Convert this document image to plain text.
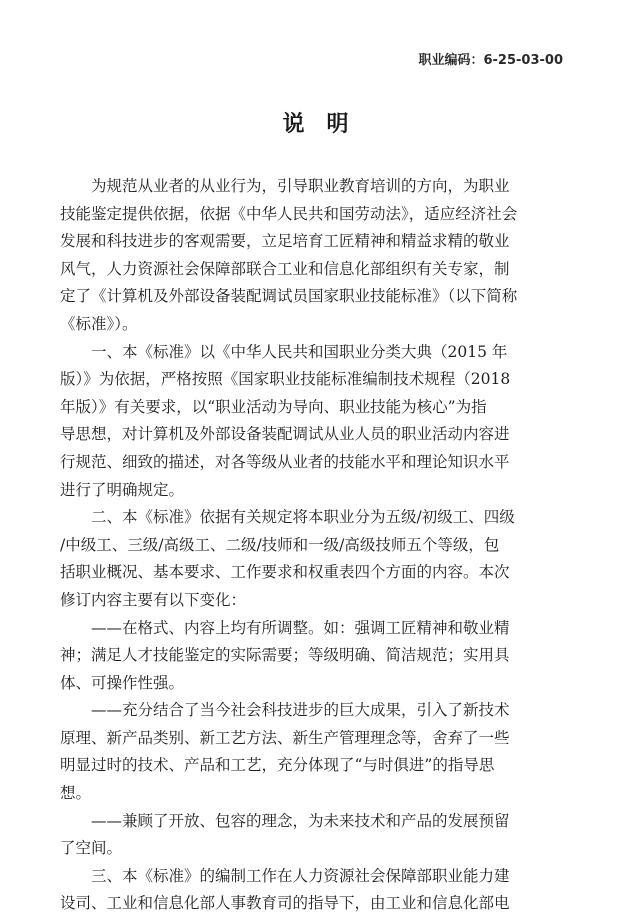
职业编码：6-25-03-00
说明
为规范从业者的从业行为，引导职业教育培训的方向，为职业
技能鉴定提供依据，依据《中华人民共和国劳动法》，适应经济社会
发展和科技进步的客观需要，立足培育工匠精神和精益求精的敬业
风气，人力资源社会保障部联合工业和信息化部组织有关专家，制
定了《计算机及外部设备装配调试员国家职业技能标准》（以下简称
《标准》）。
一、本《标准》以《中华人民共和国职业分类大典（2015 年
版）》为依据，严格按照《国家职业技能标准编制技术规程（2018
年版）》有关要求，以“职业活动为导向、职业技能为核心”为指
导思想，对计算机及外部设备装配调试从业人员的职业活动内容进
行规范、细致的描述，对各等级从业者的技能水平和理论知识水平
进行了明确规定。
二、本《标准》依据有关规定将本职业分为五级/初级工、四级
/中级工、三级/高级工、二级/技师和一级/高级技师五个等级，包
括职业概况、基本要求、工作要求和权重表四个方面的内容。本次
修订内容主要有以下变化：
——在格式、内容上均有所调整。如：强调工匠精神和敬业精
神；满足人才技能鉴定的实际需要；等级明确、简洁规范；实用具
体、可操作性强。
——充分结合了当今社会科技进步的巨大成果，引入了新技术
原理、新产品类别、新工艺方法、新生产管理理念等，舍弃了一些
明显过时的技术、产品和工艺，充分体现了“与时俱进”的指导思
想。
——兼顾了开放、包容的理念，为未来技术和产品的发展预留
了空间。
三、本《标准》的编制工作在人力资源社会保障部职业能力建
设司、工业和信息化部人事教育司的指导下，由工业和信息化部电
